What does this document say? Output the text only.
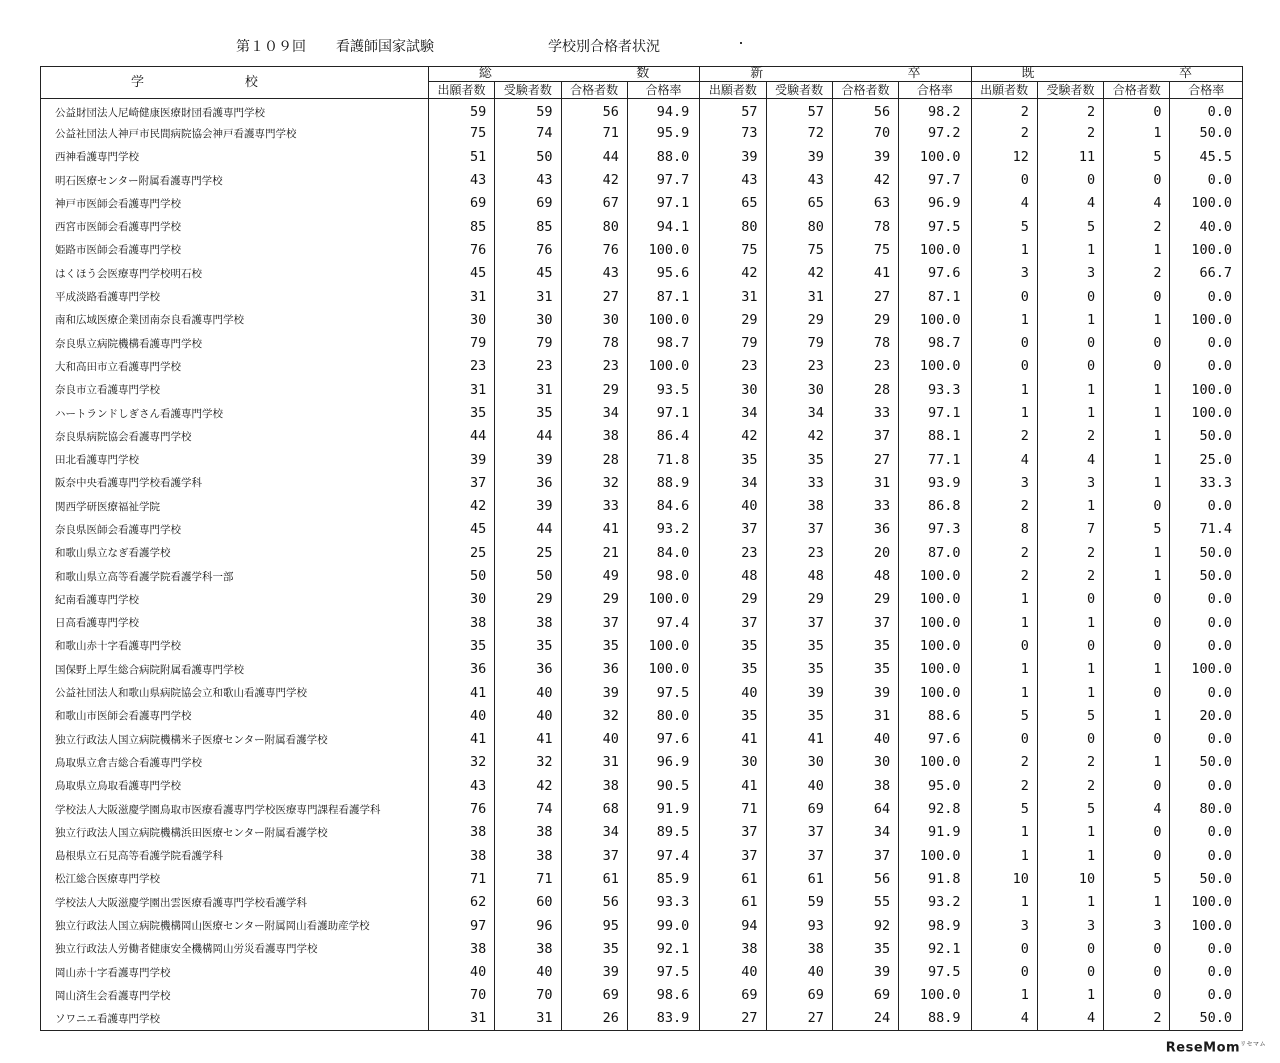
第１０９回 看護師国家試験	学校別合格者状況
学 校	総 数				新 卒				既 卒			

	出願者数	受験者数	合格者数	合格率	出願者数	受験者数	合格者数	合格率	出願者数	受験者数	合格者数	合格率
公益財団法人尼崎健康医療財団看護専門学校	59	59	56	94.9	57	57	56	98.2	2	2	0	0.0
公益社団法人神戸市民間病院協会神戸看護専門学校	75	74	71	95.9	73	72	70	97.2	2	2	1	50.0
西神看護専門学校	51	50	44	88.0	39	39	39	100.0	12	11	5	45.5
明石医療センター附属看護専門学校	43	43	42	97.7	43	43	42	97.7	0	0	0	0.0
神戸市医師会看護専門学校	69	69	67	97.1	65	65	63	96.9	4	4	4	100.0
西宮市医師会看護専門学校	85	85	80	94.1	80	80	78	97.5	5	5	2	40.0
姫路市医師会看護専門学校	76	76	76	100.0	75	75	75	100.0	1	1	1	100.0
はくほう会医療専門学校明石校	45	45	43	95.6	42	42	41	97.6	3	3	2	66.7
平成淡路看護専門学校	31	31	27	87.1	31	31	27	87.1	0	0	0	0.0
南和広域医療企業団南奈良看護専門学校	30	30	30	100.0	29	29	29	100.0	1	1	1	100.0
奈良県立病院機構看護専門学校	79	79	78	98.7	79	79	78	98.7	0	0	0	0.0
大和高田市立看護専門学校	23	23	23	100.0	23	23	23	100.0	0	0	0	0.0
奈良市立看護専門学校	31	31	29	93.5	30	30	28	93.3	1	1	1	100.0
ハートランドしぎさん看護専門学校	35	35	34	97.1	34	34	33	97.1	1	1	1	100.0
奈良県病院協会看護専門学校	44	44	38	86.4	42	42	37	88.1	2	2	1	50.0
田北看護専門学校	39	39	28	71.8	35	35	27	77.1	4	4	1	25.0
阪奈中央看護専門学校看護学科	37	36	32	88.9	34	33	31	93.9	3	3	1	33.3
関西学研医療福祉学院	42	39	33	84.6	40	38	33	86.8	2	1	0	0.0
奈良県医師会看護専門学校	45	44	41	93.2	37	37	36	97.3	8	7	5	71.4
和歌山県立なぎ看護学校	25	25	21	84.0	23	23	20	87.0	2	2	1	50.0
和歌山県立高等看護学院看護学科一部	50	50	49	98.0	48	48	48	100.0	2	2	1	50.0
紀南看護専門学校	30	29	29	100.0	29	29	29	100.0	1	0	0	0.0
日高看護専門学校	38	38	37	97.4	37	37	37	100.0	1	1	0	0.0
和歌山赤十字看護専門学校	35	35	35	100.0	35	35	35	100.0	0	0	0	0.0
国保野上厚生総合病院附属看護専門学校	36	36	36	100.0	35	35	35	100.0	1	1	1	100.0
公益社団法人和歌山県病院協会立和歌山看護専門学校	41	40	39	97.5	40	39	39	100.0	1	1	0	0.0
和歌山市医師会看護専門学校	40	40	32	80.0	35	35	31	88.6	5	5	1	20.0
独立行政法人国立病院機構米子医療センター附属看護学校	41	41	40	97.6	41	41	40	97.6	0	0	0	0.0
鳥取県立倉吉総合看護専門学校	32	32	31	96.9	30	30	30	100.0	2	2	1	50.0
鳥取県立鳥取看護専門学校	43	42	38	90.5	41	40	38	95.0	2	2	0	0.0
学校法人大阪滋慶学園鳥取市医療看護専門学校医療専門課程看護学科	76	74	68	91.9	71	69	64	92.8	5	5	4	80.0
独立行政法人国立病院機構浜田医療センター附属看護学校	38	38	34	89.5	37	37	34	91.9	1	1	0	0.0
島根県立石見高等看護学院看護学科	38	38	37	97.4	37	37	37	100.0	1	1	0	0.0
松江総合医療専門学校	71	71	61	85.9	61	61	56	91.8	10	10	5	50.0
学校法人大阪滋慶学園出雲医療看護専門学校看護学科	62	60	56	93.3	61	59	55	93.2	1	1	1	100.0
独立行政法人国立病院機構岡山医療センター附属岡山看護助産学校	97	96	95	99.0	94	93	92	98.9	3	3	3	100.0
独立行政法人労働者健康安全機構岡山労災看護専門学校	38	38	35	92.1	38	38	35	92.1	0	0	0	0.0
岡山赤十字看護専門学校	40	40	39	97.5	40	40	39	97.5	0	0	0	0.0
岡山済生会看護専門学校	70	70	69	98.6	69	69	69	100.0	1	1	0	0.0
ソワニエ看護専門学校	31	31	26	83.9	27	27	24	88.9	4	4	2	50.0
ReseMom$^{リセマム}$
